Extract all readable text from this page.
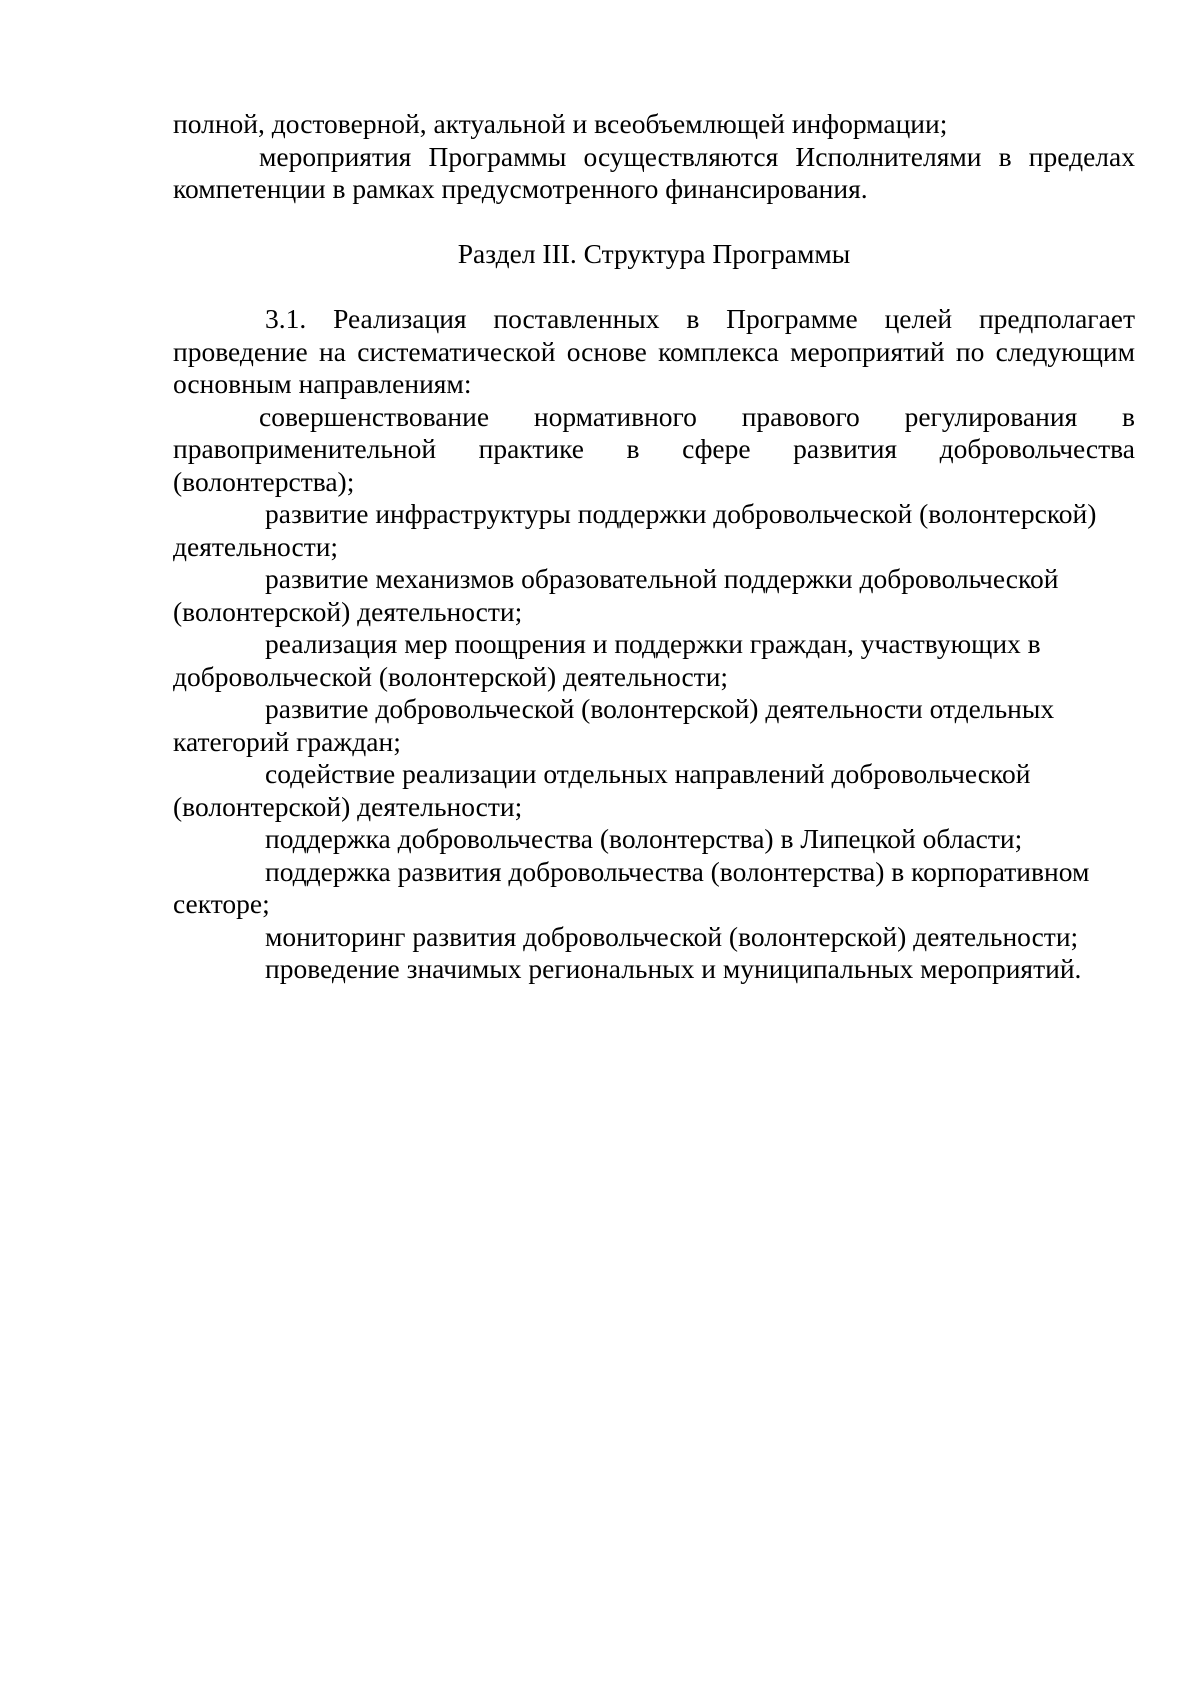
полной, достоверной, актуальной и всеобъемлющей информации;

мероприятия Программы осуществляются Исполнителями в пределах компетенции в рамках предусмотренного финансирования.

Раздел III. Структура Программы

3.1. Реализация поставленных в Программе целей предполагает проведение на систематической основе комплекса мероприятий по следующим основным направлениям:

совершенствование нормативного правового регулирования в правоприменительной практике в сфере развития добровольчества (волонтерства);

развитие инфраструктуры поддержки добровольческой (волонтерской) деятельности;

развитие механизмов образовательной поддержки добровольческой (волонтерской) деятельности;

реализация мер поощрения и поддержки граждан, участвующих в добровольческой (волонтерской) деятельности;

развитие добровольческой (волонтерской) деятельности отдельных категорий граждан;

содействие реализации отдельных направлений добровольческой (волонтерской) деятельности;

поддержка добровольчества (волонтерства) в Липецкой области;

поддержка развития добровольчества (волонтерства) в корпоративном секторе;

мониторинг развития добровольческой (волонтерской) деятельности;

проведение значимых региональных и муниципальных мероприятий.
